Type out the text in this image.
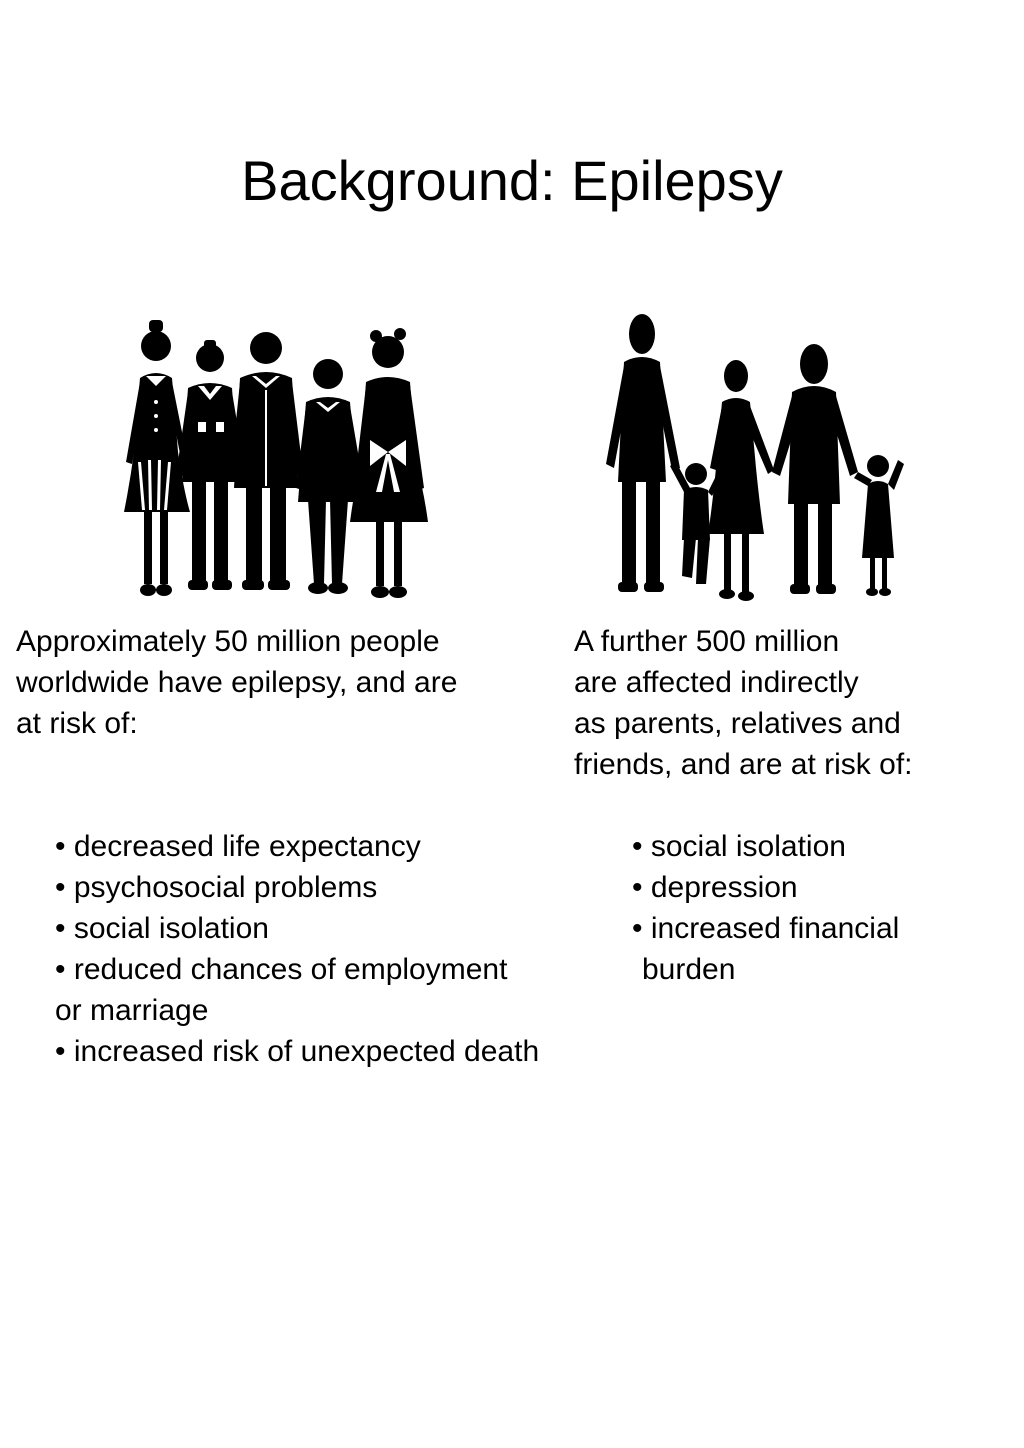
Background: Epilepsy
Approximately 50 million people
worldwide have epilepsy, and are
at risk of:
A further 500 million
are affected indirectly
as parents, relatives and
friends, and are at risk of:
• decreased life expectancy
• psychosocial problems
• social isolation
• reduced chances of employment
or marriage
• increased risk of unexpected death
• social isolation
• depression
• increased financial
burden
